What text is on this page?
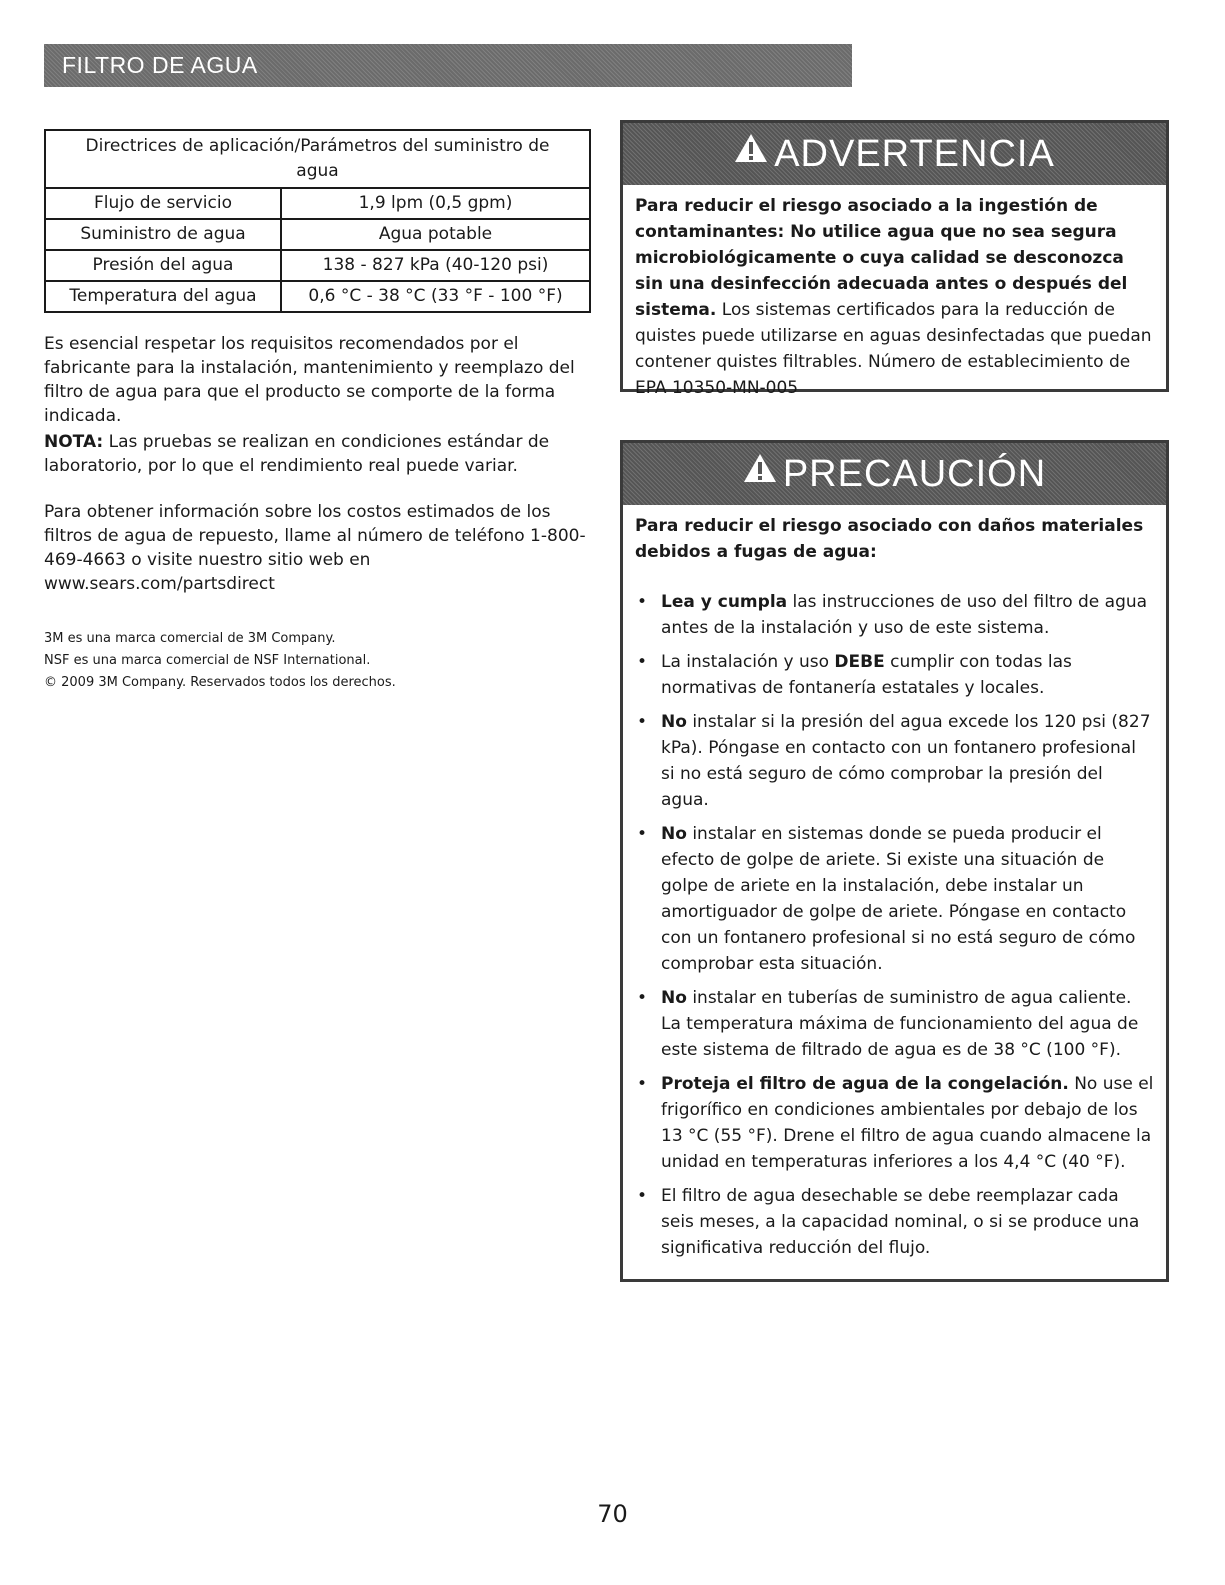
FILTRO DE AGUA
Directrices de aplicación/Parámetros del suministro de agua	
Flujo de servicio	1,9 lpm (0,5 gpm)
Suministro de agua	Agua potable
Presión del agua	138 - 827 kPa (40-120 psi)
Temperatura del agua	0,6 °C - 38 °C (33 °F - 100 °F)

Es esencial respetar los requisitos recomendados por el fabricante para la instalación, mantenimiento y reemplazo del filtro de agua para que el producto se comporte de la forma indicada.

NOTA: Las pruebas se realizan en condiciones estándar de laboratorio, por lo que el rendimiento real puede variar.

Para obtener información sobre los costos estimados de los filtros de agua de repuesto, llame al número de teléfono 1-800-469-4663 o visite nuestro sitio web en www.sears.com/partsdirect

3M es una marca comercial de 3M Company.
NSF es una marca comercial de NSF International.
© 2009 3M Company. Reservados todos los derechos.
ADVERTENCIA
Para reducir el riesgo asociado a la ingestión de contaminantes: No utilice agua que no sea segura microbiológicamente o cuya calidad se desconozca sin una desinfección adecuada antes o después del sistema. Los sistemas certificados para la reducción de quistes puede utilizarse en aguas desinfectadas que puedan contener quistes filtrables. Número de establecimiento de EPA 10350-MN-005
PRECAUCIÓN
Para reducir el riesgo asociado con daños materiales debidos a fugas de agua:
• Lea y cumpla las instrucciones de uso del filtro de agua antes de la instalación y uso de este sistema.
• La instalación y uso DEBE cumplir con todas las normativas de fontanería estatales y locales.
• No instalar si la presión del agua excede los 120 psi (827 kPa). Póngase en contacto con un fontanero profesional si no está seguro de cómo comprobar la presión del agua.
• No instalar en sistemas donde se pueda producir el efecto de golpe de ariete. Si existe una situación de golpe de ariete en la instalación, debe instalar un amortiguador de golpe de ariete. Póngase en contacto con un fontanero profesional si no está seguro de cómo comprobar esta situación.
• No instalar en tuberías de suministro de agua caliente. La temperatura máxima de funcionamiento del agua de este sistema de filtrado de agua es de 38 °C (100 °F).
• Proteja el filtro de agua de la congelación. No use el frigorífico en condiciones ambientales por debajo de los 13 °C (55 °F). Drene el filtro de agua cuando almacene la unidad en temperaturas inferiores a los 4,4 °C (40 °F).
• El filtro de agua desechable se debe reemplazar cada seis meses, a la capacidad nominal, o si se produce una significativa reducción del flujo.
70
